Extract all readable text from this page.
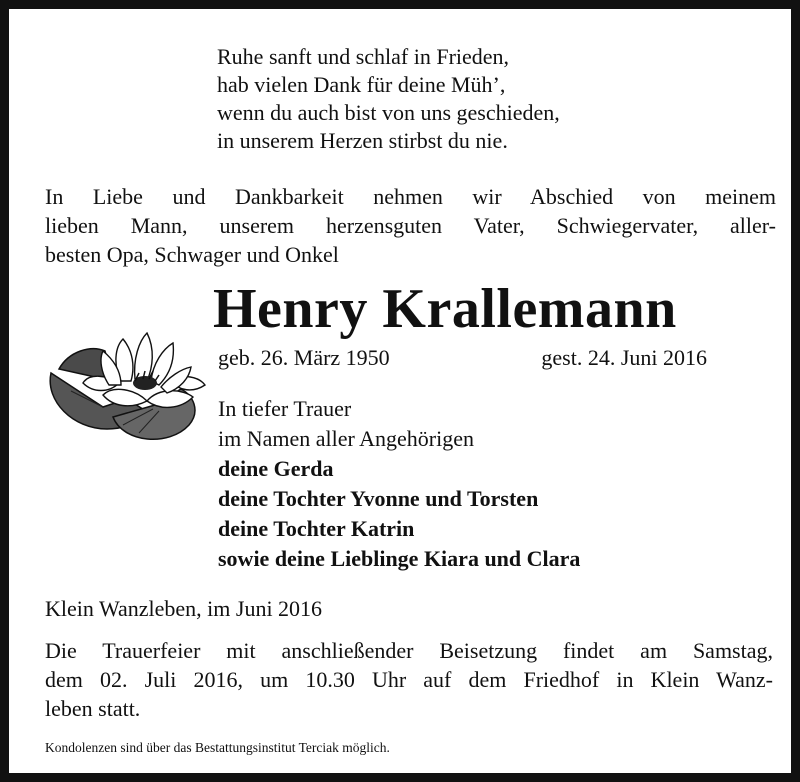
Ruhe sanft und schlaf in Frieden,
hab vielen Dank für deine Müh’,
wenn du auch bist von uns geschieden,
in unserem Herzen stirbst du nie.
In Liebe und Dankbarkeit nehmen wir Abschied von meinem
lieben Mann, unserem herzensguten Vater, Schwiegervater, aller-
besten Opa, Schwager und Onkel
Henry Krallemann
geb. 26. März 1950	gest. 24. Juni 2016
In tiefer Trauer
im Namen aller Angehörigen
deine Gerda
deine Tochter Yvonne und Torsten
deine Tochter Katrin
sowie deine Lieblinge Kiara und Clara
Klein Wanzleben, im Juni 2016
Die Trauerfeier mit anschließender Beisetzung findet am Samstag,
dem 02. Juli 2016, um 10.30 Uhr auf dem Friedhof in Klein Wanz-
leben statt.
Kondolenzen sind über das Bestattungsinstitut Terciak möglich.
